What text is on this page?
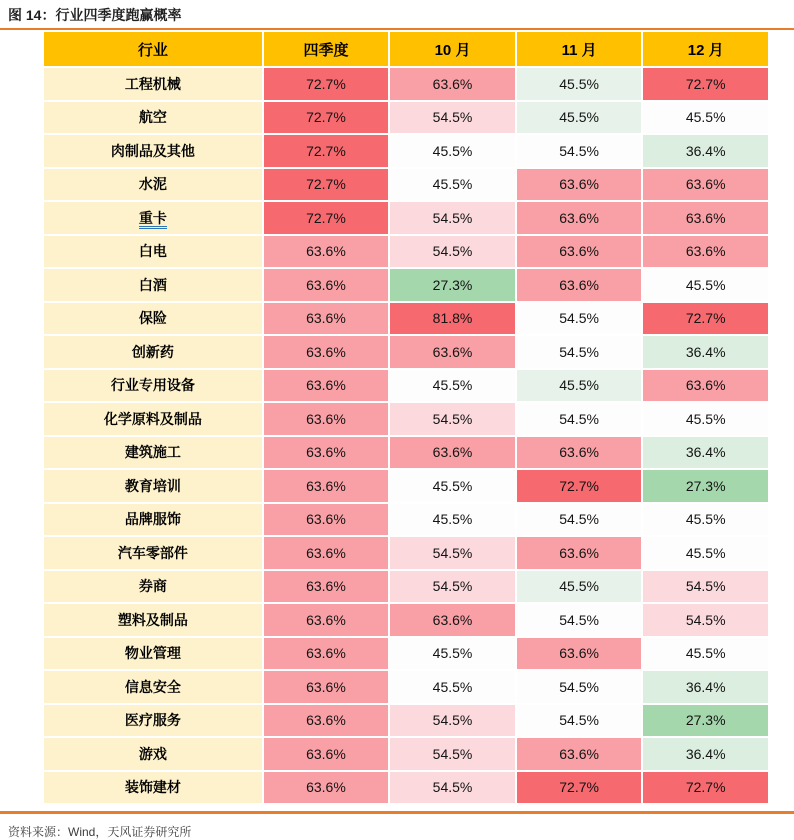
图 14：行业四季度跑赢概率
行业	四季度	10 月	11 月	12 月
工程机械	72.7%	63.6%	45.5%	72.7%
航空	72.7%	54.5%	45.5%	45.5%
肉制品及其他	72.7%	45.5%	54.5%	36.4%
水泥	72.7%	45.5%	63.6%	63.6%
重卡	72.7%	54.5%	63.6%	63.6%
白电	63.6%	54.5%	63.6%	63.6%
白酒	63.6%	27.3%	63.6%	45.5%
保险	63.6%	81.8%	54.5%	72.7%
创新药	63.6%	63.6%	54.5%	36.4%
行业专用设备	63.6%	45.5%	45.5%	63.6%
化学原料及制品	63.6%	54.5%	54.5%	45.5%
建筑施工	63.6%	63.6%	63.6%	36.4%
教育培训	63.6%	45.5%	72.7%	27.3%
品牌服饰	63.6%	45.5%	54.5%	45.5%
汽车零部件	63.6%	54.5%	63.6%	45.5%
券商	63.6%	54.5%	45.5%	54.5%
塑料及制品	63.6%	63.6%	54.5%	54.5%
物业管理	63.6%	45.5%	63.6%	45.5%
信息安全	63.6%	45.5%	54.5%	36.4%
医疗服务	63.6%	54.5%	54.5%	27.3%
游戏	63.6%	54.5%	63.6%	36.4%
装饰建材	63.6%	54.5%	72.7%	72.7%
资料来源：Wind，天风证券研究所
